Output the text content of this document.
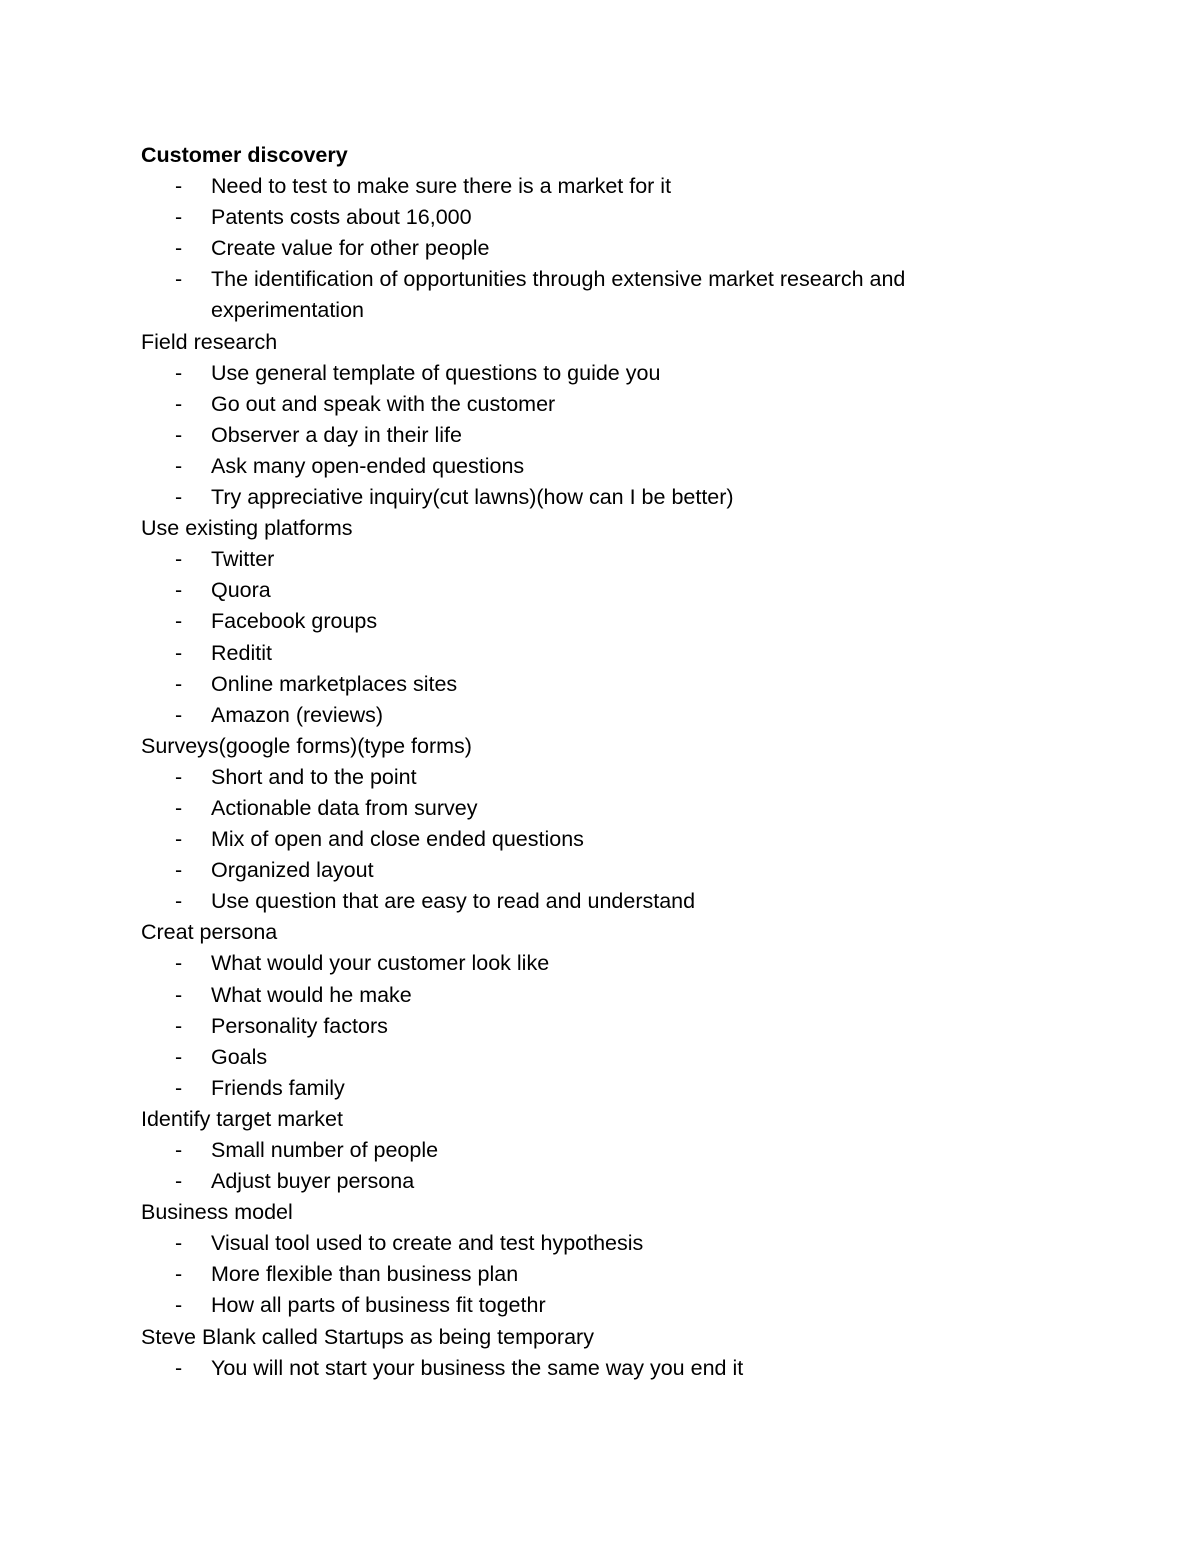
Customer discovery

- Need to test to make sure there is a market for it
- Patents costs about 16,000
- Create value for other people
- The identification of opportunities through extensive market research and experimentation

Field research

- Use general template of questions to guide you
- Go out and speak with the customer
- Observer a day in their life
- Ask many open-ended questions
- Try appreciative inquiry(cut lawns)(how can I be better)

Use existing platforms

- Twitter
- Quora
- Facebook groups
- Reditit
- Online marketplaces sites
- Amazon (reviews)

Surveys(google forms)(type forms)

- Short and to the point
- Actionable data from survey
- Mix of open and close ended questions
- Organized layout
- Use question that are easy to read and understand

Creat persona

- What would your customer look like
- What would he make
- Personality factors
- Goals
- Friends family

Identify target market

- Small number of people
- Adjust buyer persona

Business model

- Visual tool used to create and test hypothesis
- More flexible than business plan
- How all parts of business fit togethr

Steve Blank called Startups as being temporary

- You will not start your business the same way you end it
